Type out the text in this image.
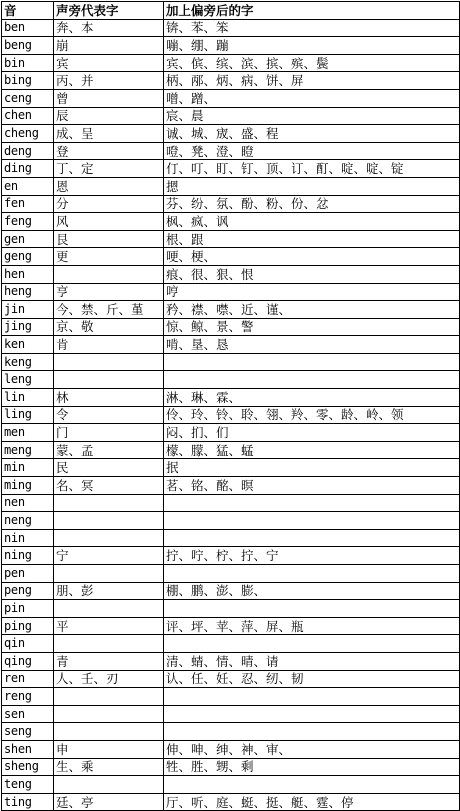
音	声旁代表字	加上偏旁后的字
ben	奔、本	锛、苯、笨
beng	崩	嘣、绷、蹦
bin	宾	宾、傧、缤、滨、摈、殡、鬓
bing	丙、并	柄、邴、炳、病、饼、屏
ceng	曾	噌、蹭、
chen	辰	宸、晨
cheng	成、呈	诚、城、宬、盛、程
deng	登	噔、凳、澄、瞪
ding	丁、定	仃、叮、盯、钉、顶、订、酊、啶、啶、锭
en	恩	摁
fen	分	芬、纷、氛、酚、粉、份、忿
feng	风	枫、疯、讽
gen	艮	根、跟
geng	更	哽、梗、
hen		痕、很、狠、恨
heng	亨	哼
jin	今、禁、斤、堇	矜、襟、噤、近、谨、
jing	京、敬	惊、鲸、景、警
ken	肯	啃、垦、恳
keng		
leng		
lin	林	淋、琳、霖、
ling	令	伶、玲、铃、聆、翎、羚、零、龄、岭、领
men	门	闷、扪、们
meng	蒙、孟	檬、朦、猛、蜢
min	民	抿
ming	名、冥	茗、铭、酩、暝
nen		
neng		
nin		
ning	宁	拧、咛、柠、拧、宁
pen		
peng	朋、彭	棚、鹏、澎、膨、
pin		
ping	平	评、坪、苹、萍、屏、瓶
qin		
qing	青	清、蜻、情、晴、请
ren	人、壬、刃	认、任、妊、忍、纫、韧
reng		
sen		
seng		
shen	申	伸、呻、绅、神、审、
sheng	生、乘	牲、胜、甥、剩
teng		
ting	廷、亭	厅、听、庭、蜓、挺、艇、霆、停
